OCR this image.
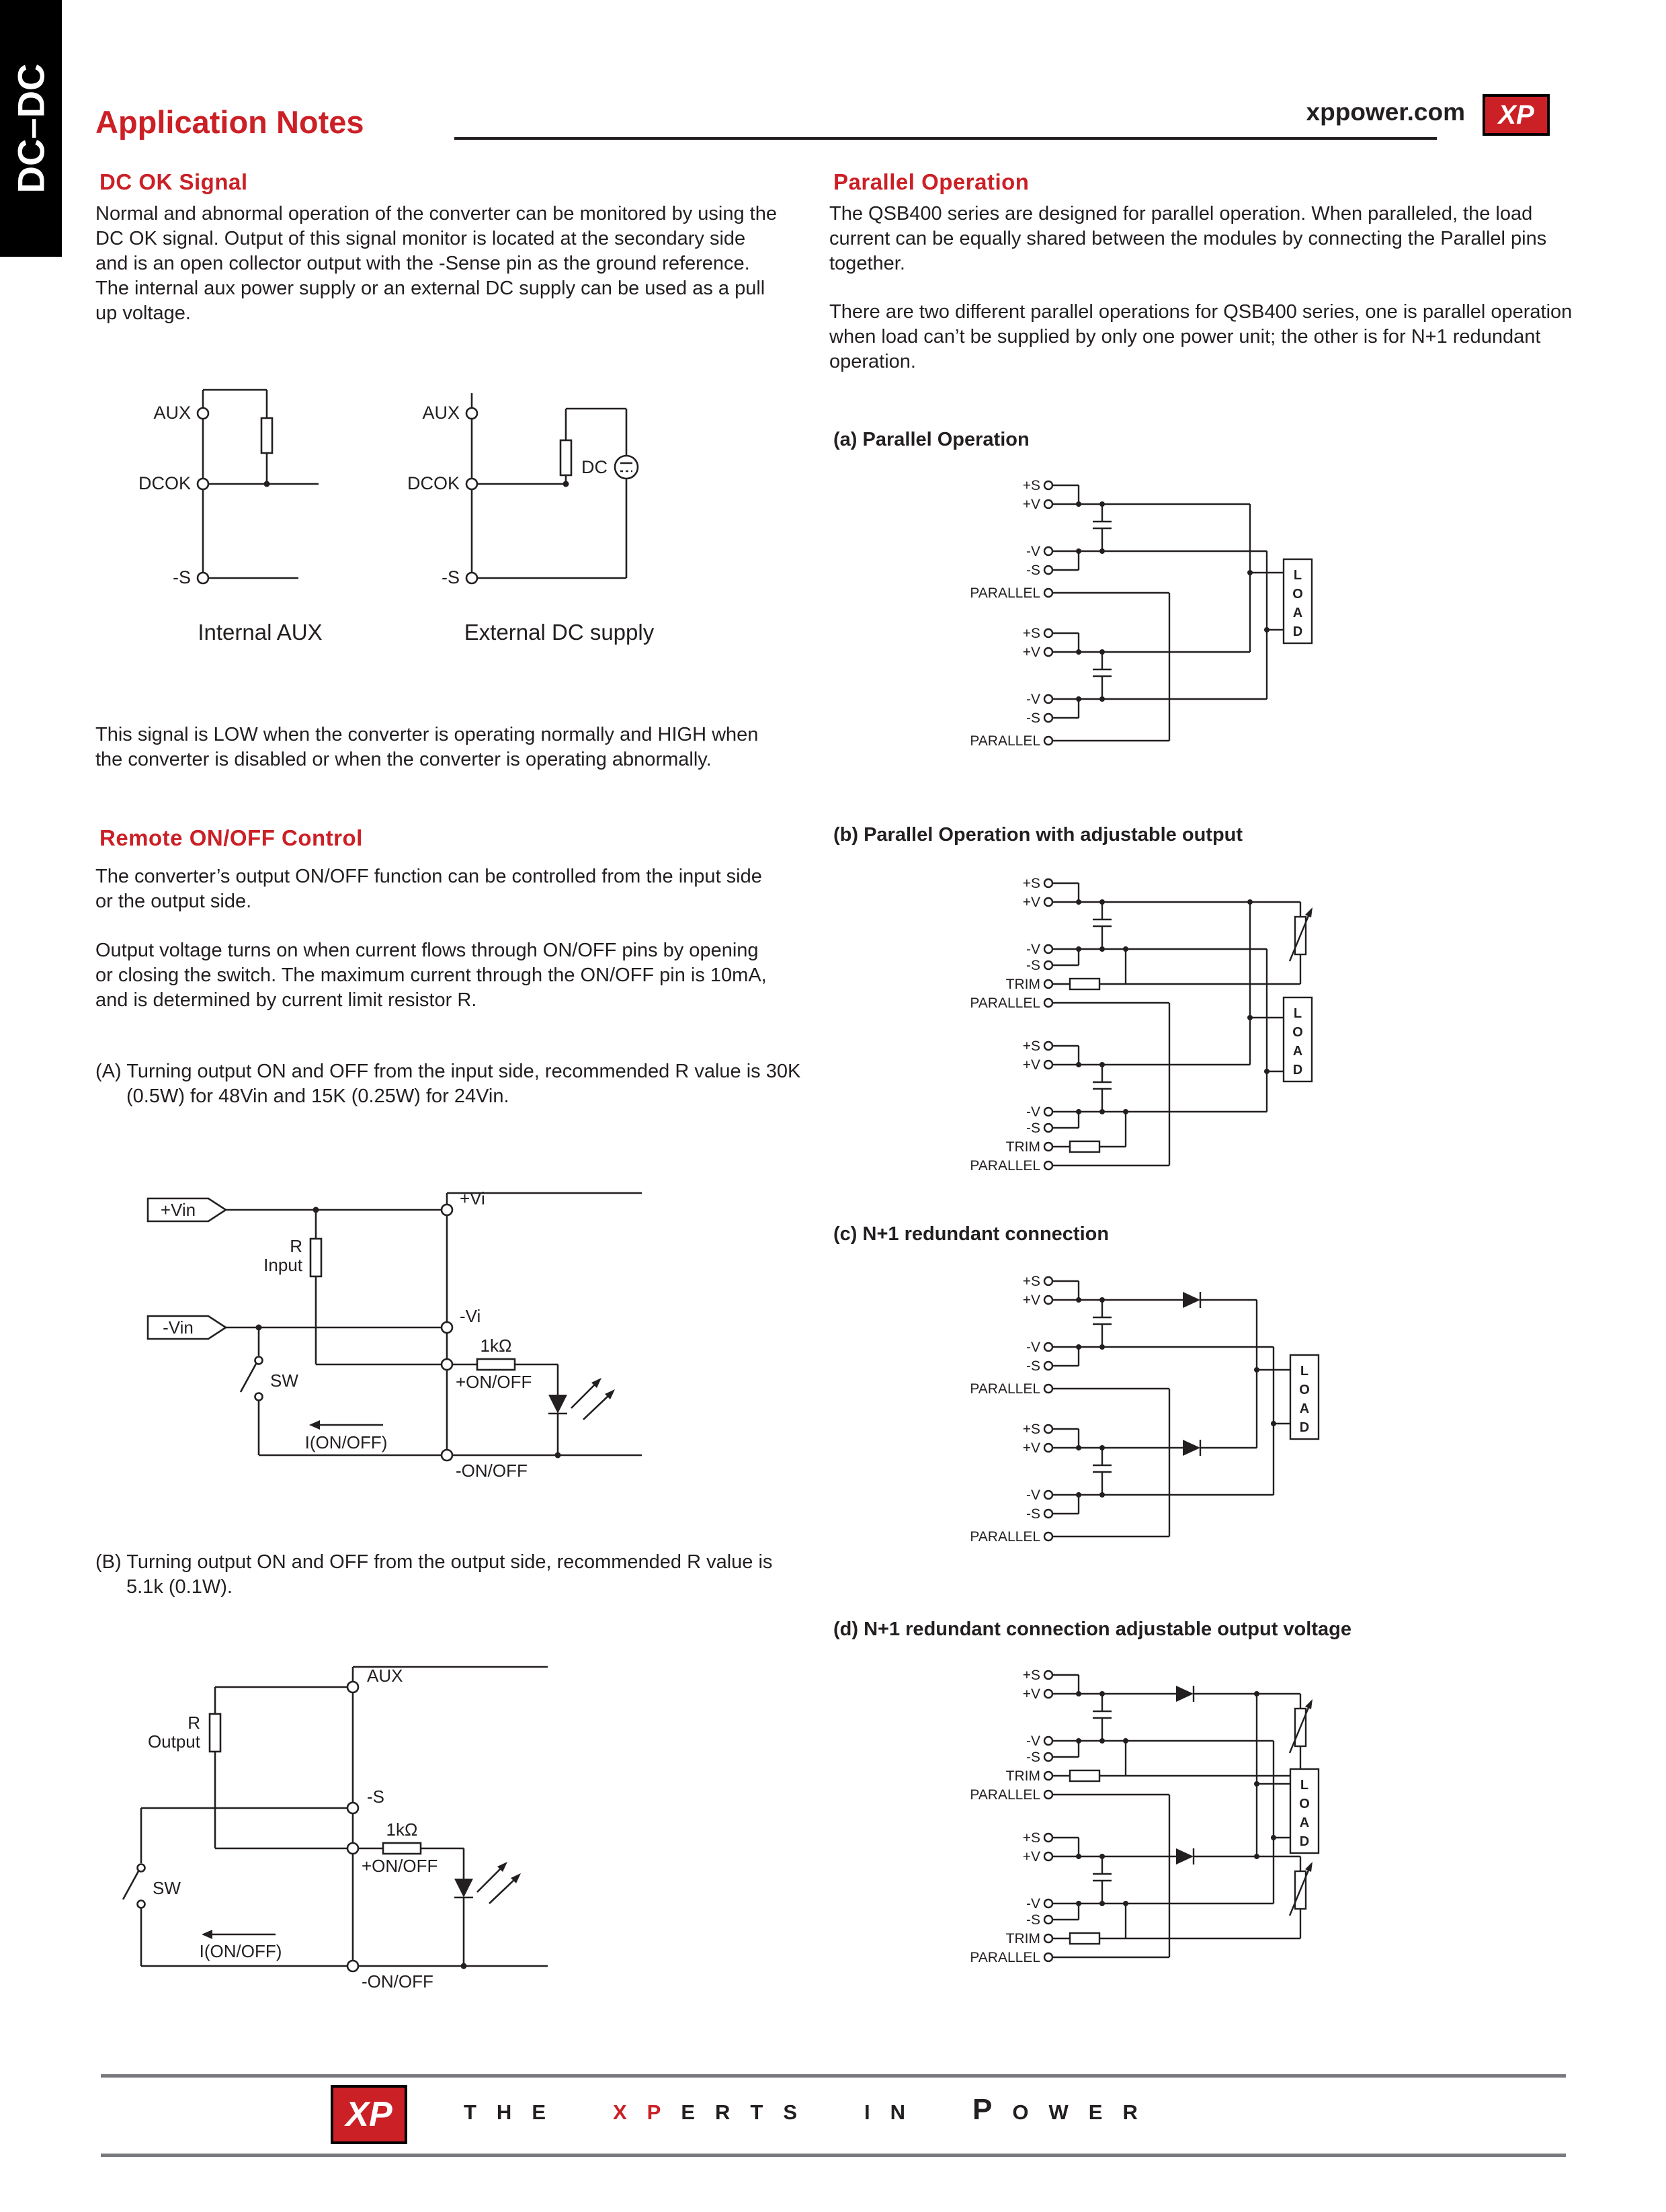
DC–DC Application Notes	xppower.com XP
DC OK Signal

Normal and abnormal operation of the converter can be monitored by using the DC OK signal. Output of this signal monitor is located at the secondary side and is an open collector output with the -Sense pin as the ground reference. The internal aux power supply or an external DC supply can be used as a pull up voltage.

AUX
DCOK
-S
Internal AUX
AUX
DCOK
-S
DC
External DC supply

This signal is LOW when the converter is operating normally and HIGH when the converter is disabled or when the converter is operating abnormally.

Remote ON/OFF Control

The converter’s output ON/OFF function can be controlled from the input side or the output side.

Output voltage turns on when current flows through ON/OFF pins by opening or closing the switch. The maximum current through the ON/OFF pin is 10mA, and is determined by current limit resistor R.

(A) Turning output ON and OFF from the input side, recommended R value is 30K (0.5W) for 48Vin and 15K (0.25W) for 24Vin.

+Vin
-Vin
R
Input
SW
I(ON/OFF)
1kΩ
+Vi
-Vi
+ON/OFF
-ON/OFF

(B) Turning output ON and OFF from the output side, recommended R value is 5.1k (0.1W).

R
Output
SW
I(ON/OFF)
1kΩ
AUX
-S
+ON/OFF
-ON/OFF
Parallel Operation

The QSB400 series are designed for parallel operation. When paralleled, the load current can be equally shared between the modules by connecting the Parallel pins together.

There are two different parallel operations for QSB400 series, one is parallel operation when load can’t be supplied by only one power unit; the other is for N+1 redundant operation.

(a) Parallel Operation

+S
+V
-V
-S
PARALLEL
+S
+V
-V
-S
PARALLEL
L
O
A
D

(b) Parallel Operation with adjustable output

+S
+V
-V
-S
TRIM
PARALLEL
+S
+V
-V
-S
TRIM
PARALLEL
L
O
A
D

(c) N+1 redundant connection

+S
+V
-V
-S
PARALLEL
+S
+V
-V
-S
PARALLEL
L
O
A
D

(d) N+1 redundant connection adjustable output voltage

+S
+V
-V
-S
TRIM
PARALLEL
+S
+V
-V
-S
TRIM
PARALLEL
L
O
A
D
XP	THE XPERTS IN POWER
